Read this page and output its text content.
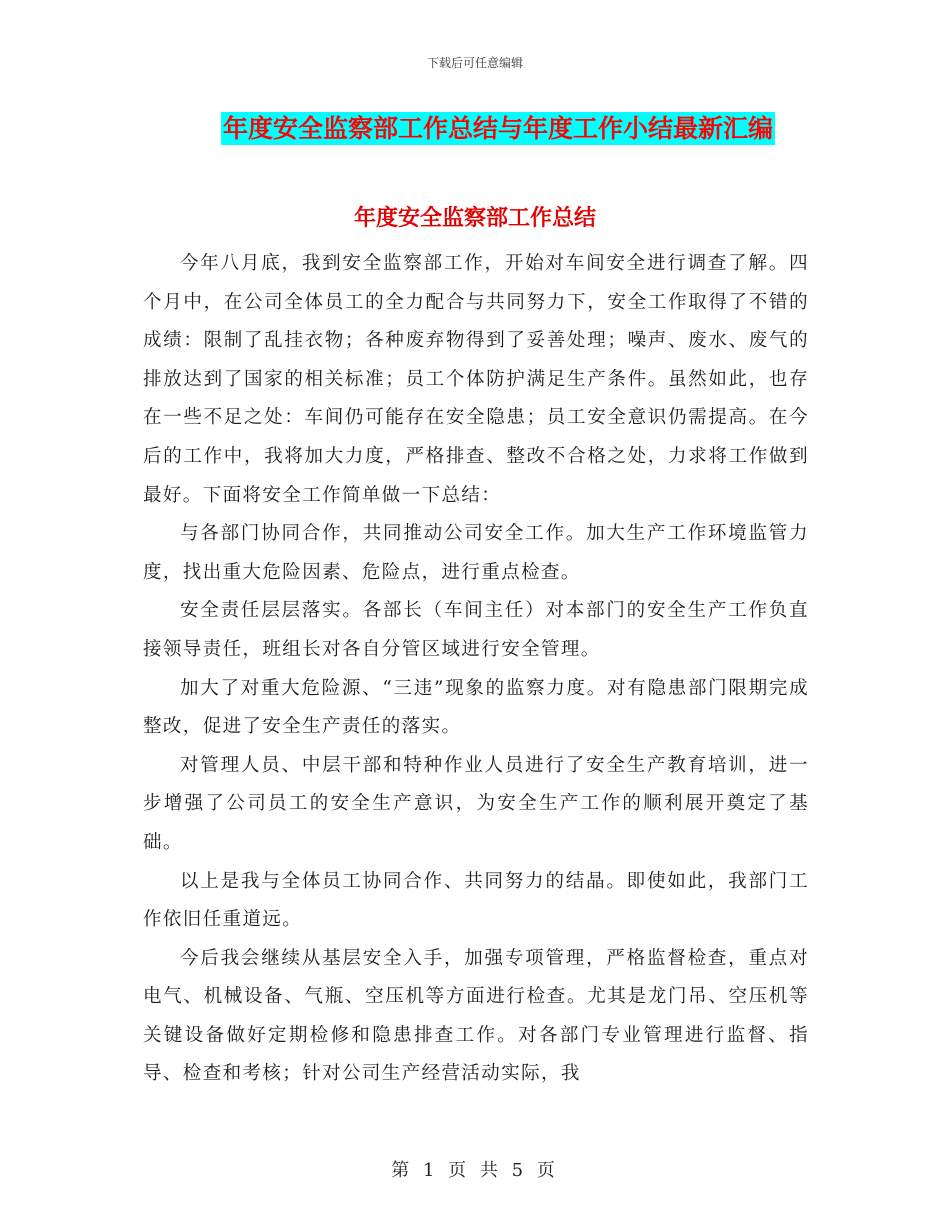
下载后可任意编辑
年度安全监察部工作总结与年度工作小结最新汇编
年度安全监察部工作总结

今年八月底，我到安全监察部工作，开始对车间安全进行调查了解。四个月中，在公司全体员工的全力配合与共同努力下，安全工作取得了不错的成绩：限制了乱挂衣物；各种废弃物得到了妥善处理；噪声、废水、废气的排放达到了国家的相关标准；员工个体防护满足生产条件。虽然如此，也存在一些不足之处：车间仍可能存在安全隐患；员工安全意识仍需提高。在今后的工作中，我将加大力度，严格排查、整改不合格之处，力求将工作做到最好。下面将安全工作简单做一下总结：

与各部门协同合作，共同推动公司安全工作。加大生产工作环境监管力度，找出重大危险因素、危险点，进行重点检查。

安全责任层层落实。各部长（车间主任）对本部门的安全生产工作负直接领导责任，班组长对各自分管区域进行安全管理。

加大了对重大危险源、“三违”现象的监察力度。对有隐患部门限期完成整改，促进了安全生产责任的落实。

对管理人员、中层干部和特种作业人员进行了安全生产教育培训，进一步增强了公司员工的安全生产意识，为安全生产工作的顺利展开奠定了基础。

以上是我与全体员工协同合作、共同努力的结晶。即使如此，我部门工作依旧任重道远。

今后我会继续从基层安全入手，加强专项管理，严格监督检查，重点对电气、机械设备、气瓶、空压机等方面进行检查。尤其是龙门吊、空压机等关键设备做好定期检修和隐患排查工作。对各部门专业管理进行监督、指导、检查和考核；针对公司生产经营活动实际，我

第 1 页 共 5 页
